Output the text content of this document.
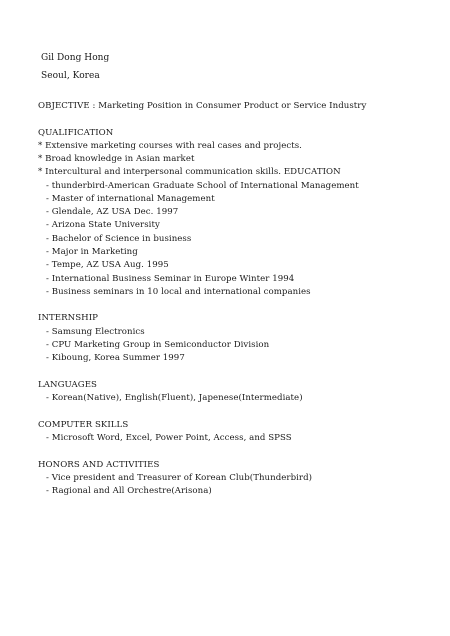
Gil Dong Hong
Seoul, Korea
OBJECTIVE : Marketing Position in Consumer Product or Service Industry
QUALIFICATION
* Extensive marketing courses with real cases and projects.
* Broad knowledge in Asian market
* Intercultural and interpersonal communication skills. EDUCATION
- thunderbird-American Graduate School of International Management
- Master of international Management
- Glendale, AZ USA Dec. 1997
- Arizona State University
- Bachelor of Science in business
- Major in Marketing
- Tempe, AZ USA Aug. 1995
- International Business Seminar in Europe Winter 1994
- Business seminars in 10 local and international companies
INTERNSHIP
- Samsung Electronics
- CPU Marketing Group in Semiconductor Division
- Kiboung, Korea Summer 1997
LANGUAGES
- Korean(Native), English(Fluent), Japenese(Intermediate)
COMPUTER SKILLS
- Microsoft Word, Excel, Power Point, Access, and SPSS
HONORS AND ACTIVITIES
- Vice president and Treasurer of Korean Club(Thunderbird)
- Ragional and All Orchestre(Arisona)
